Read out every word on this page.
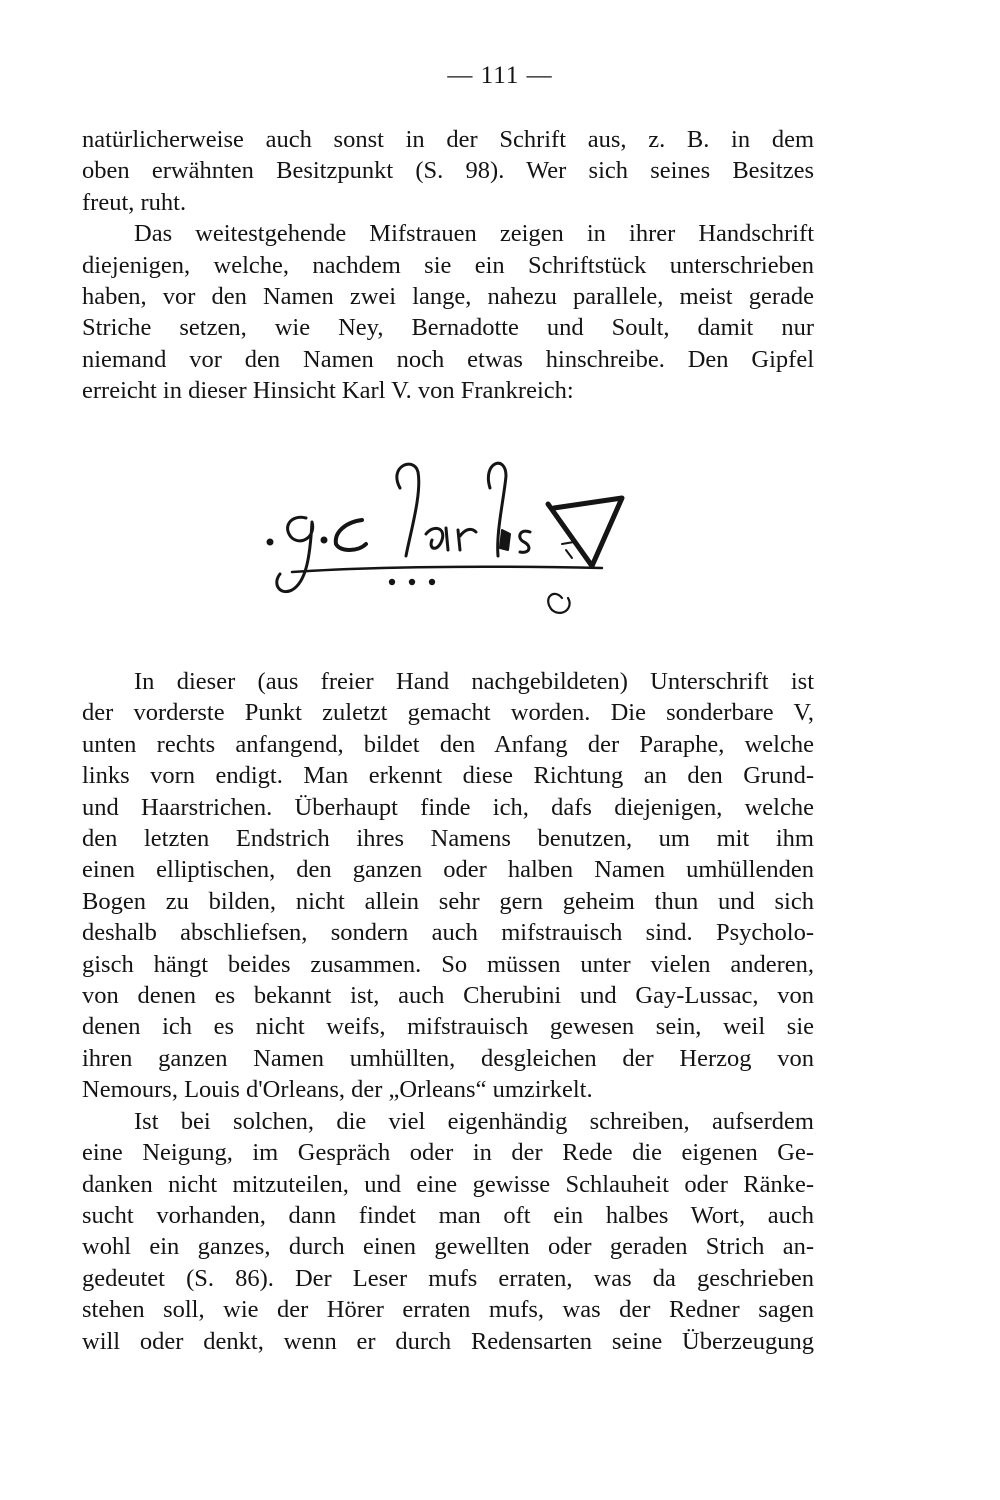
— 111 —

natürlicherweise auch sonst in der Schrift aus, z. B. in dem
oben erwähnten Besitzpunkt (S. 98). Wer sich seines Besitzes
freut, ruht.

Das weitestgehende Mifstrauen zeigen in ihrer Handschrift
diejenigen, welche, nachdem sie ein Schriftstück unterschrieben
haben, vor den Namen zwei lange, nahezu parallele, meist gerade
Striche setzen, wie Ney, Bernadotte und Soult, damit nur
niemand vor den Namen noch etwas hinschreibe. Den Gipfel
erreicht in dieser Hinsicht Karl V. von Frankreich:

In dieser (aus freier Hand nachgebildeten) Unterschrift ist
der vorderste Punkt zuletzt gemacht worden. Die sonderbare V,
unten rechts anfangend, bildet den Anfang der Paraphe, welche
links vorn endigt. Man erkennt diese Richtung an den Grund-
und Haarstrichen. Überhaupt finde ich, dafs diejenigen, welche
den letzten Endstrich ihres Namens benutzen, um mit ihm
einen elliptischen, den ganzen oder halben Namen umhüllenden
Bogen zu bilden, nicht allein sehr gern geheim thun und sich
deshalb abschliefsen, sondern auch mifstrauisch sind. Psycholo-
gisch hängt beides zusammen. So müssen unter vielen anderen,
von denen es bekannt ist, auch Cherubini und Gay-Lussac, von
denen ich es nicht weifs, mifstrauisch gewesen sein, weil sie
ihren ganzen Namen umhüllten, desgleichen der Herzog von
Nemours, Louis d'Orleans, der „Orleans“ umzirkelt.

Ist bei solchen, die viel eigenhändig schreiben, aufserdem
eine Neigung, im Gespräch oder in der Rede die eigenen Ge-
danken nicht mitzuteilen, und eine gewisse Schlauheit oder Ränke-
sucht vorhanden, dann findet man oft ein halbes Wort, auch
wohl ein ganzes, durch einen gewellten oder geraden Strich an-
gedeutet (S. 86). Der Leser mufs erraten, was da geschrieben
stehen soll, wie der Hörer erraten mufs, was der Redner sagen
will oder denkt, wenn er durch Redensarten seine Überzeugung
